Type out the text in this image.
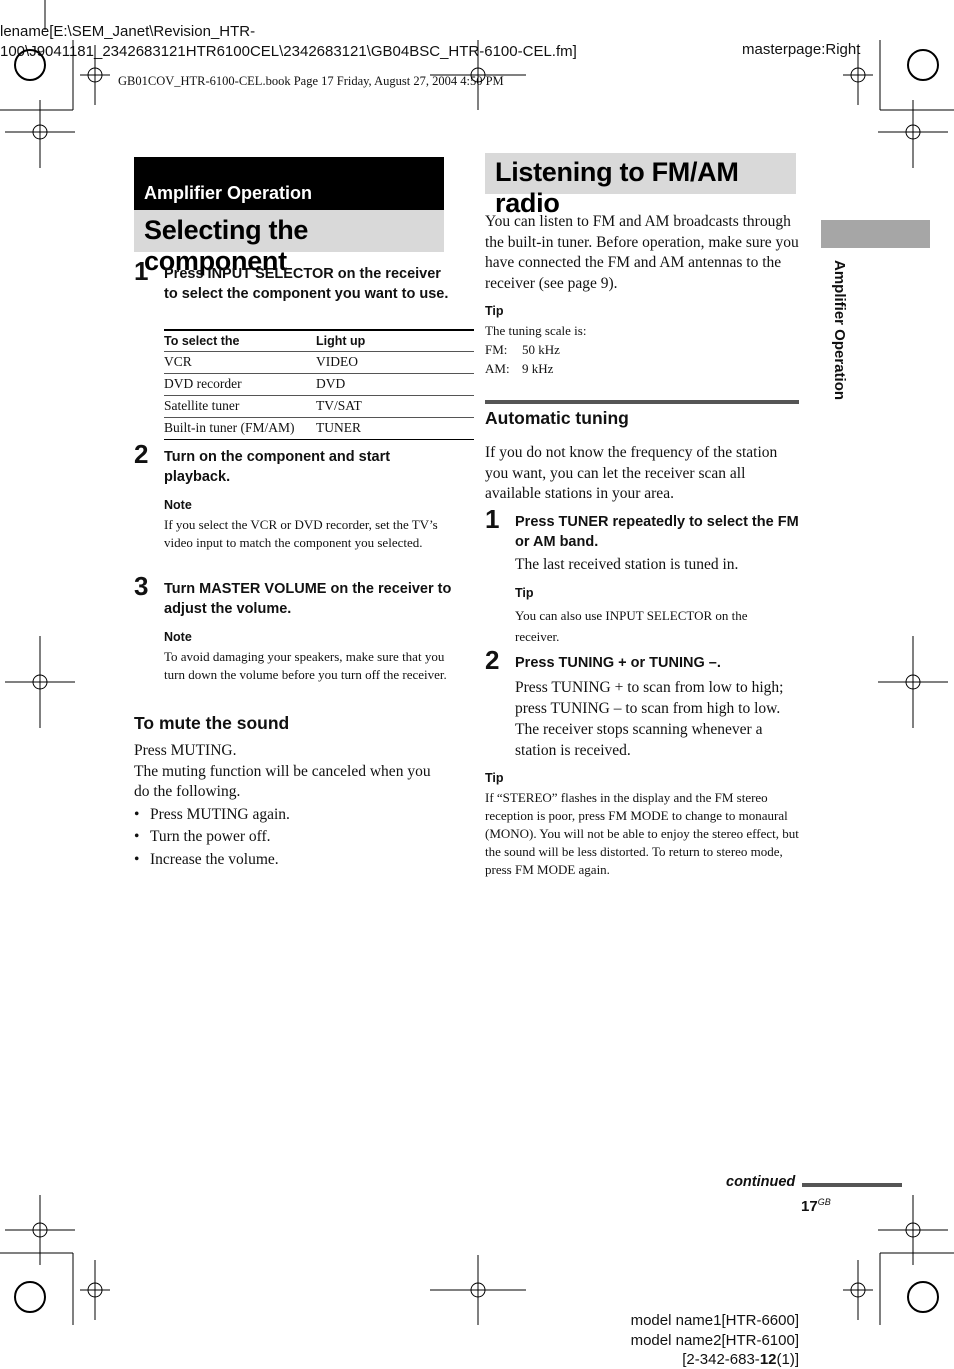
lename[E:\SEM_Janet\Revision_HTR-
100\J9041181_2342683121HTR6100CEL\2342683121\GB04BSC_HTR-6100-CEL.fm]	masterpage:Right
GB01COV_HTR-6100-CEL.book Page 17 Friday, August 27, 2004 4:50 PM
Amplifier Operation
Selecting the component
1 Press INPUT SELECTOR on the receiver to select the component you want to use.
To select the	Light up
VCR	VIDEO
DVD recorder	DVD
Satellite tuner	TV/SAT
Built-in tuner (FM/AM)	TUNER
2 Turn on the component and start playback.
Note
If you select the VCR or DVD recorder, set the TV’s video input to match the component you selected.
3 Turn MASTER VOLUME on the receiver to adjust the volume.
Note
To avoid damaging your speakers, make sure that you turn down the volume before you turn off the receiver.
To mute the sound
Press MUTING.
The muting function will be canceled when you do the following.
• Press MUTING again.
• Turn the power off.
• Increase the volume.
Listening to FM/AM radio
You can listen to FM and AM broadcasts through the built-in tuner. Before operation, make sure you have connected the FM and AM antennas to the receiver (see page 9).
Tip
The tuning scale is:
FM: 50 kHz
AM: 9 kHz
Automatic tuning
If you do not know the frequency of the station you want, you can let the receiver scan all available stations in your area.
1 Press TUNER repeatedly to select the FM or AM band.
The last received station is tuned in.
Tip
You can also use INPUT SELECTOR on the receiver.
2 Press TUNING + or TUNING –.
Press TUNING + to scan from low to high; press TUNING – to scan from high to low.
The receiver stops scanning whenever a station is received.
Tip
If “STEREO” flashes in the display and the FM stereo reception is poor, press FM MODE to change to monaural (MONO). You will not be able to enjoy the stereo effect, but the sound will be less distorted. To return to stereo mode, press FM MODE again.
Amplifier Operation
continued
$17^{GB}$
model name1[HTR-6600]
model name2[HTR-6100]
[2-342-683-12(1)]
